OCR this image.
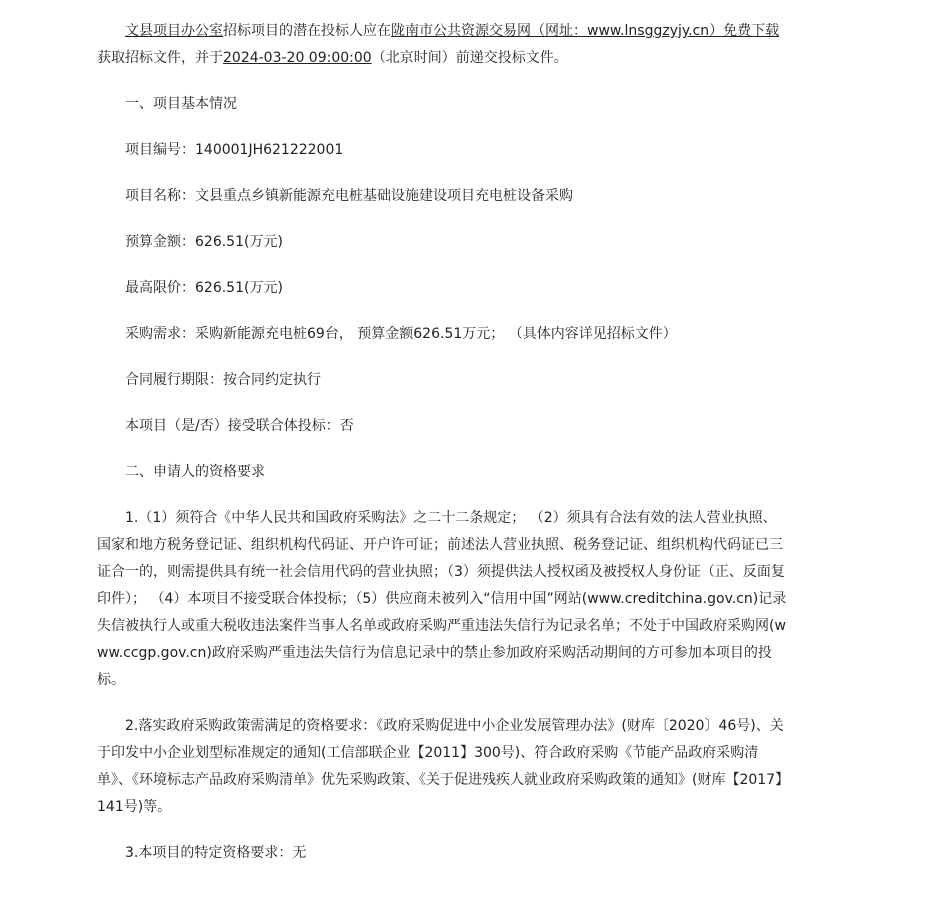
文县项目办公室招标项目的潜在投标人应在陇南市公共资源交易网（网址：www.lnsggzyjy.cn）免费下载获取招标文件，并于2024-03-20 09:00:00（北京时间）前递交投标文件。

一、项目基本情况

项目编号：140001JH621222001

项目名称：文县重点乡镇新能源充电桩基础设施建设项目充电桩设备采购

预算金额：626.51(万元)

最高限价：626.51(万元)

采购需求：采购新能源充电桩69台， 预算金额626.51万元； （具体内容详见招标文件）

合同履行期限：按合同约定执行

本项目（是/否）接受联合体投标：否

二、申请人的资格要求

1.（1）须符合《中华人民共和国政府采购法》之二十二条规定； （2）须具有合法有效的法人营业执照、国家和地方税务登记证、组织机构代码证、开户许可证；前述法人营业执照、税务登记证、组织机构代码证已三证合一的，则需提供具有统一社会信用代码的营业执照；（3）须提供法人授权函及被授权人身份证（正、反面复印件）； （4）本项目不接受联合体投标；（5）供应商未被列入“信用中国”网站(www.creditchina.gov.cn)记录失信被执行人或重大税收违法案件当事人名单或政府采购严重违法失信行为记录名单；不处于中国政府采购网(www.ccgp.gov.cn)政府采购严重违法失信行为信息记录中的禁止参加政府采购活动期间的方可参加本项目的投标。

2.落实政府采购政策需满足的资格要求：《政府采购促进中小企业发展管理办法》(财库〔2020〕46号)、关于印发中小企业划型标准规定的通知(工信部联企业【2011】300号)、符合政府采购《节能产品政府采购清单》、《环境标志产品政府采购清单》优先采购政策、《关于促进残疾人就业政府采购政策的通知》(财库【2017】141号)等。

3.本项目的特定资格要求：无
